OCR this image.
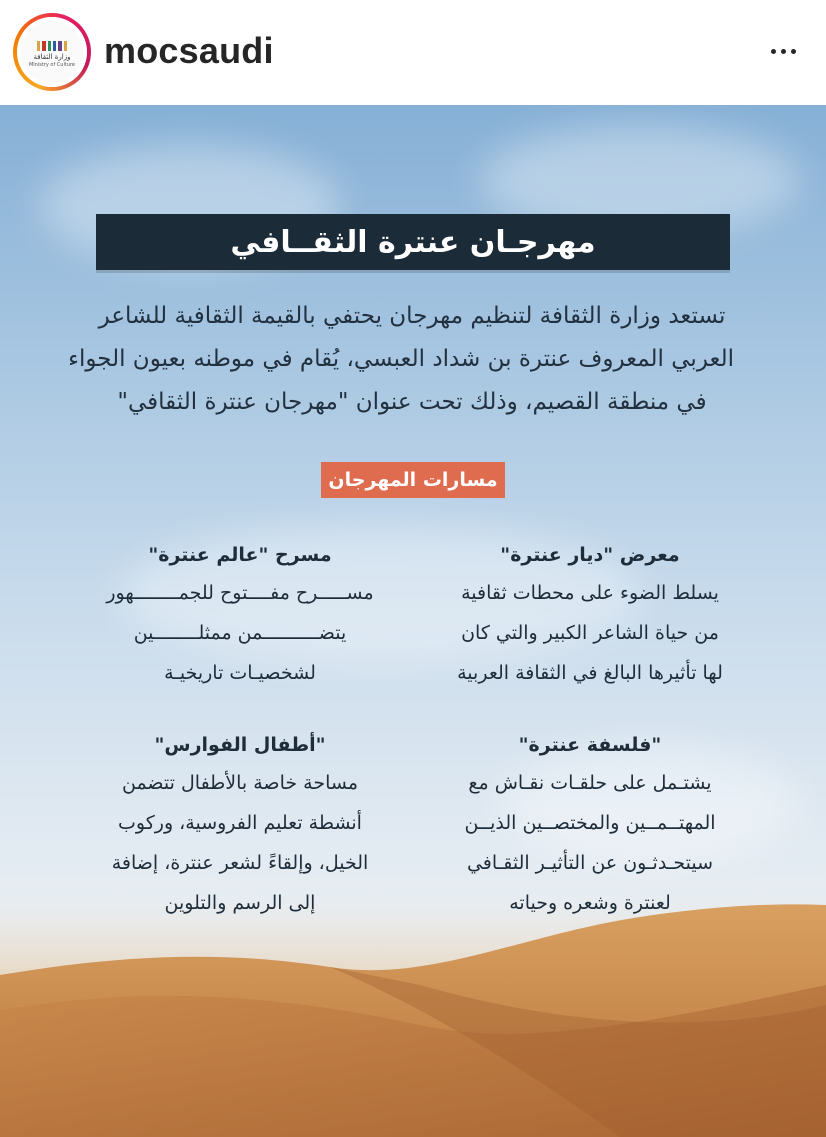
وزارة الثقافة
Ministry of Culture mocsaudi
مهرجـان عنترة الثقــافي
تستعد وزارة الثقافة لتنظيم مهرجان يحتفي بالقيمة الثقافية للشاعر
العربي المعروف عنترة بن شداد العبسي، يُقام في موطنه بعيون الجواء
في منطقة القصيم، وذلك تحت عنوان "مهرجان عنترة الثقافي"
مسارات المهرجان
معرض "ديار عنترة"
يسلط الضوء على محطات ثقافية
من حياة الشاعر الكبير والتي كان
لها تأثيرها البالغ في الثقافة العربية
مسرح "عالم عنترة"
مســـــرح مفــــتوح للجمــــــــهور
يتضــــــــــمن ممثلــــــــين
لشخصيـات تاريخيـة
"فلسفة عنترة"
يشتـمل على حلقـات نقـاش مع
المهتــمــين والمختصــين الذيــن
سيتحـدثـون عن التأثيـر الثقـافي
لعنترة وشعره وحياته
"أطفال الفوارس"
مساحة خاصة بالأطفال تتضمن
أنشطة تعليم الفروسية، وركوب
الخيل، وإلقاءً لشعر عنترة، إضافة
إلى الرسم والتلوين
